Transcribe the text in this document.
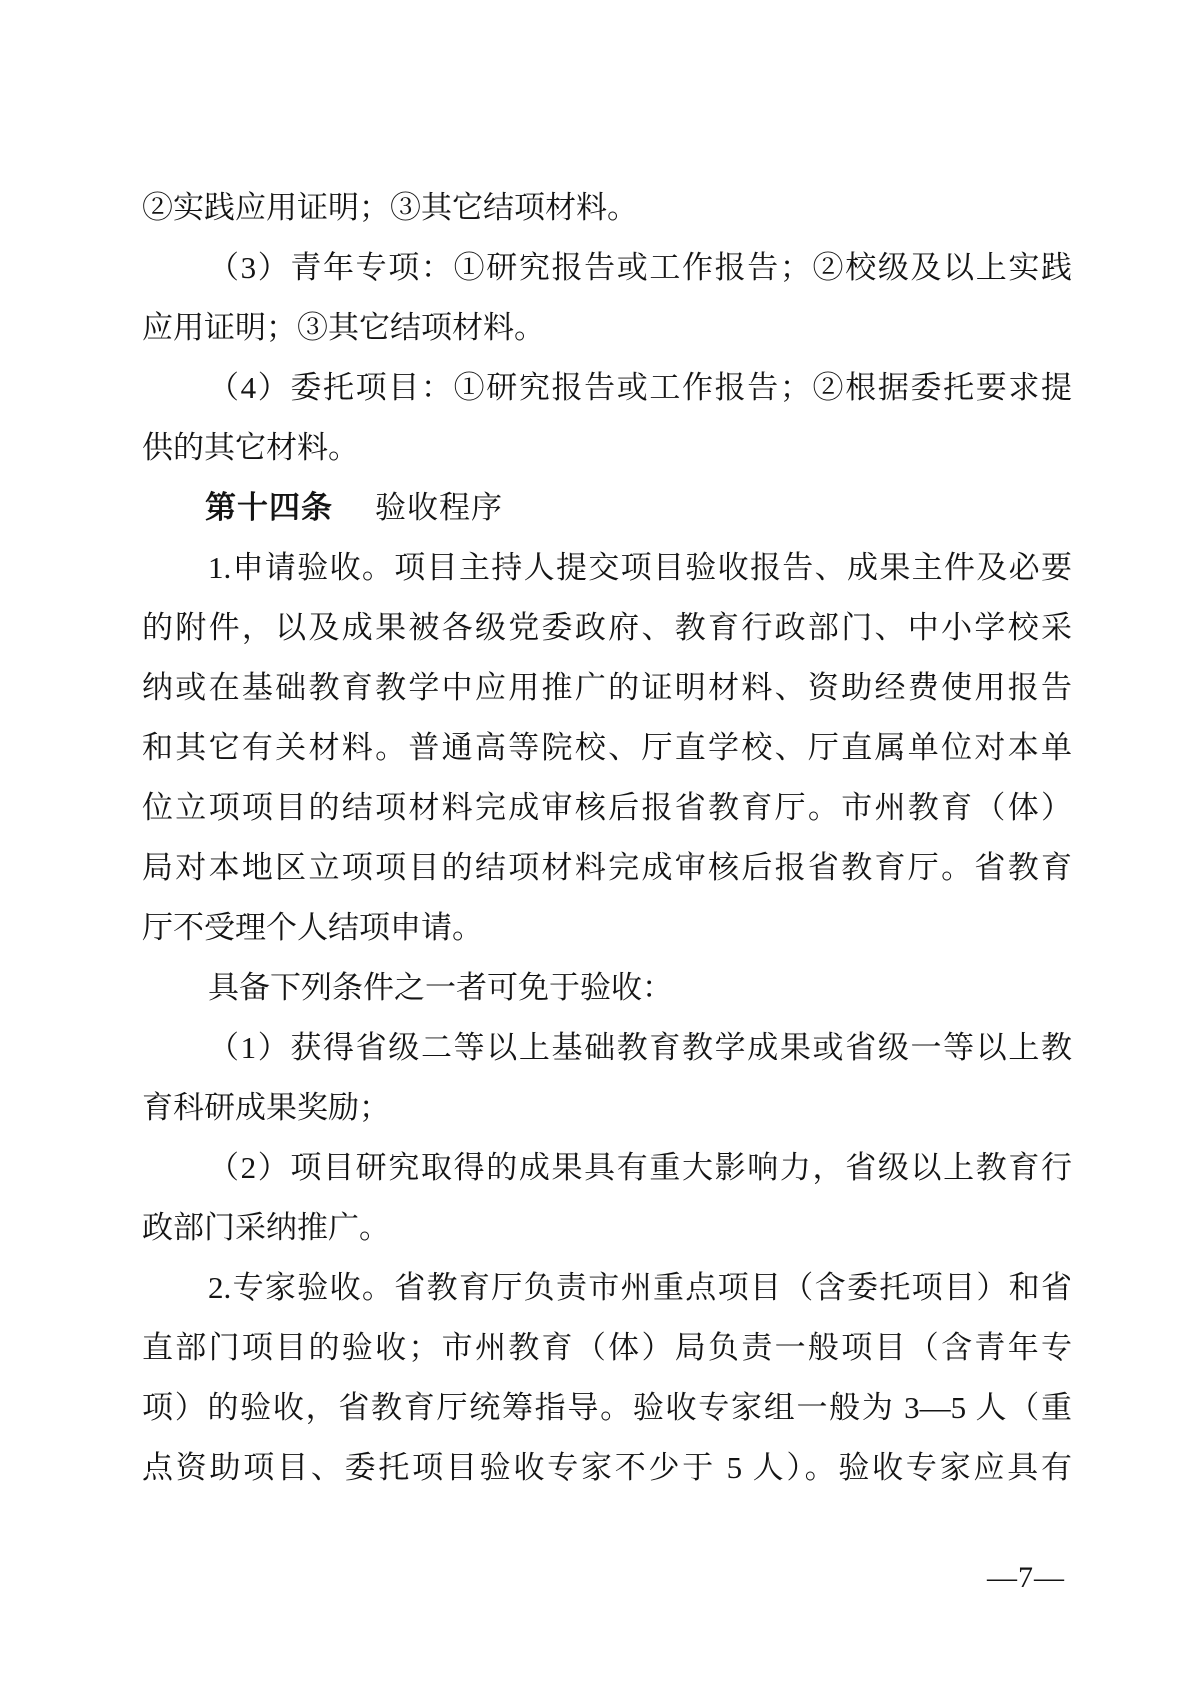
②实践应用证明；③其它结项材料。
（3）青年专项：①研究报告或工作报告；②校级及以上实践
应用证明；③其它结项材料。
（4）委托项目：①研究报告或工作报告；②根据委托要求提
供的其它材料。
第十四条 验收程序
1.申请验收。项目主持人提交项目验收报告、成果主件及必要
的附件，以及成果被各级党委政府、教育行政部门、中小学校采
纳或在基础教育教学中应用推广的证明材料、资助经费使用报告
和其它有关材料。普通高等院校、厅直学校、厅直属单位对本单
位立项项目的结项材料完成审核后报省教育厅。市州教育（体）
局对本地区立项项目的结项材料完成审核后报省教育厅。省教育
厅不受理个人结项申请。
具备下列条件之一者可免于验收：
（1）获得省级二等以上基础教育教学成果或省级一等以上教
育科研成果奖励；
（2）项目研究取得的成果具有重大影响力，省级以上教育行
政部门采纳推广。
2.专家验收。省教育厅负责市州重点项目（含委托项目）和省
直部门项目的验收；市州教育（体）局负责一般项目（含青年专
项）的验收，省教育厅统筹指导。验收专家组一般为 3—5 人（重
点资助项目、委托项目验收专家不少于 5 人）。验收专家应具有
—7—
